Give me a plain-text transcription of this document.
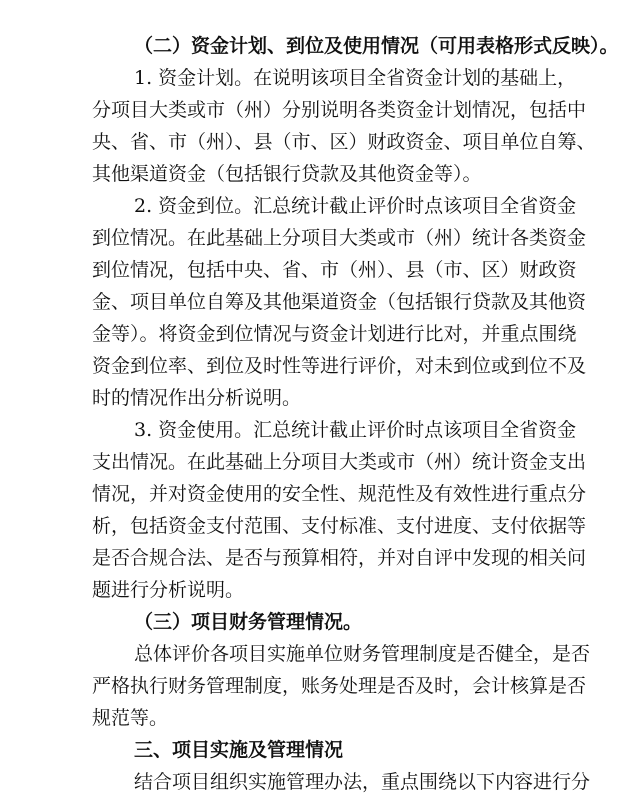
（二）资金计划、到位及使用情况（可用表格形式反映）。
1. 资金计划。在说明该项目全省资金计划的基础上，
分项目大类或市（州）分别说明各类资金计划情况，包括中
央、省、市（州）、县（市、区）财政资金、项目单位自筹、
其他渠道资金（包括银行贷款及其他资金等）。
2. 资金到位。汇总统计截止评价时点该项目全省资金
到位情况。在此基础上分项目大类或市（州）统计各类资金
到位情况，包括中央、省、市（州）、县（市、区）财政资
金、项目单位自筹及其他渠道资金（包括银行贷款及其他资
金等）。将资金到位情况与资金计划进行比对，并重点围绕
资金到位率、到位及时性等进行评价，对未到位或到位不及
时的情况作出分析说明。
3. 资金使用。汇总统计截止评价时点该项目全省资金
支出情况。在此基础上分项目大类或市（州）统计资金支出
情况，并对资金使用的安全性、规范性及有效性进行重点分
析，包括资金支付范围、支付标准、支付进度、支付依据等
是否合规合法、是否与预算相符，并对自评中发现的相关问
题进行分析说明。
（三）项目财务管理情况。
总体评价各项目实施单位财务管理制度是否健全，是否
严格执行财务管理制度，账务处理是否及时，会计核算是否
规范等。
三、项目实施及管理情况
结合项目组织实施管理办法，重点围绕以下内容进行分
